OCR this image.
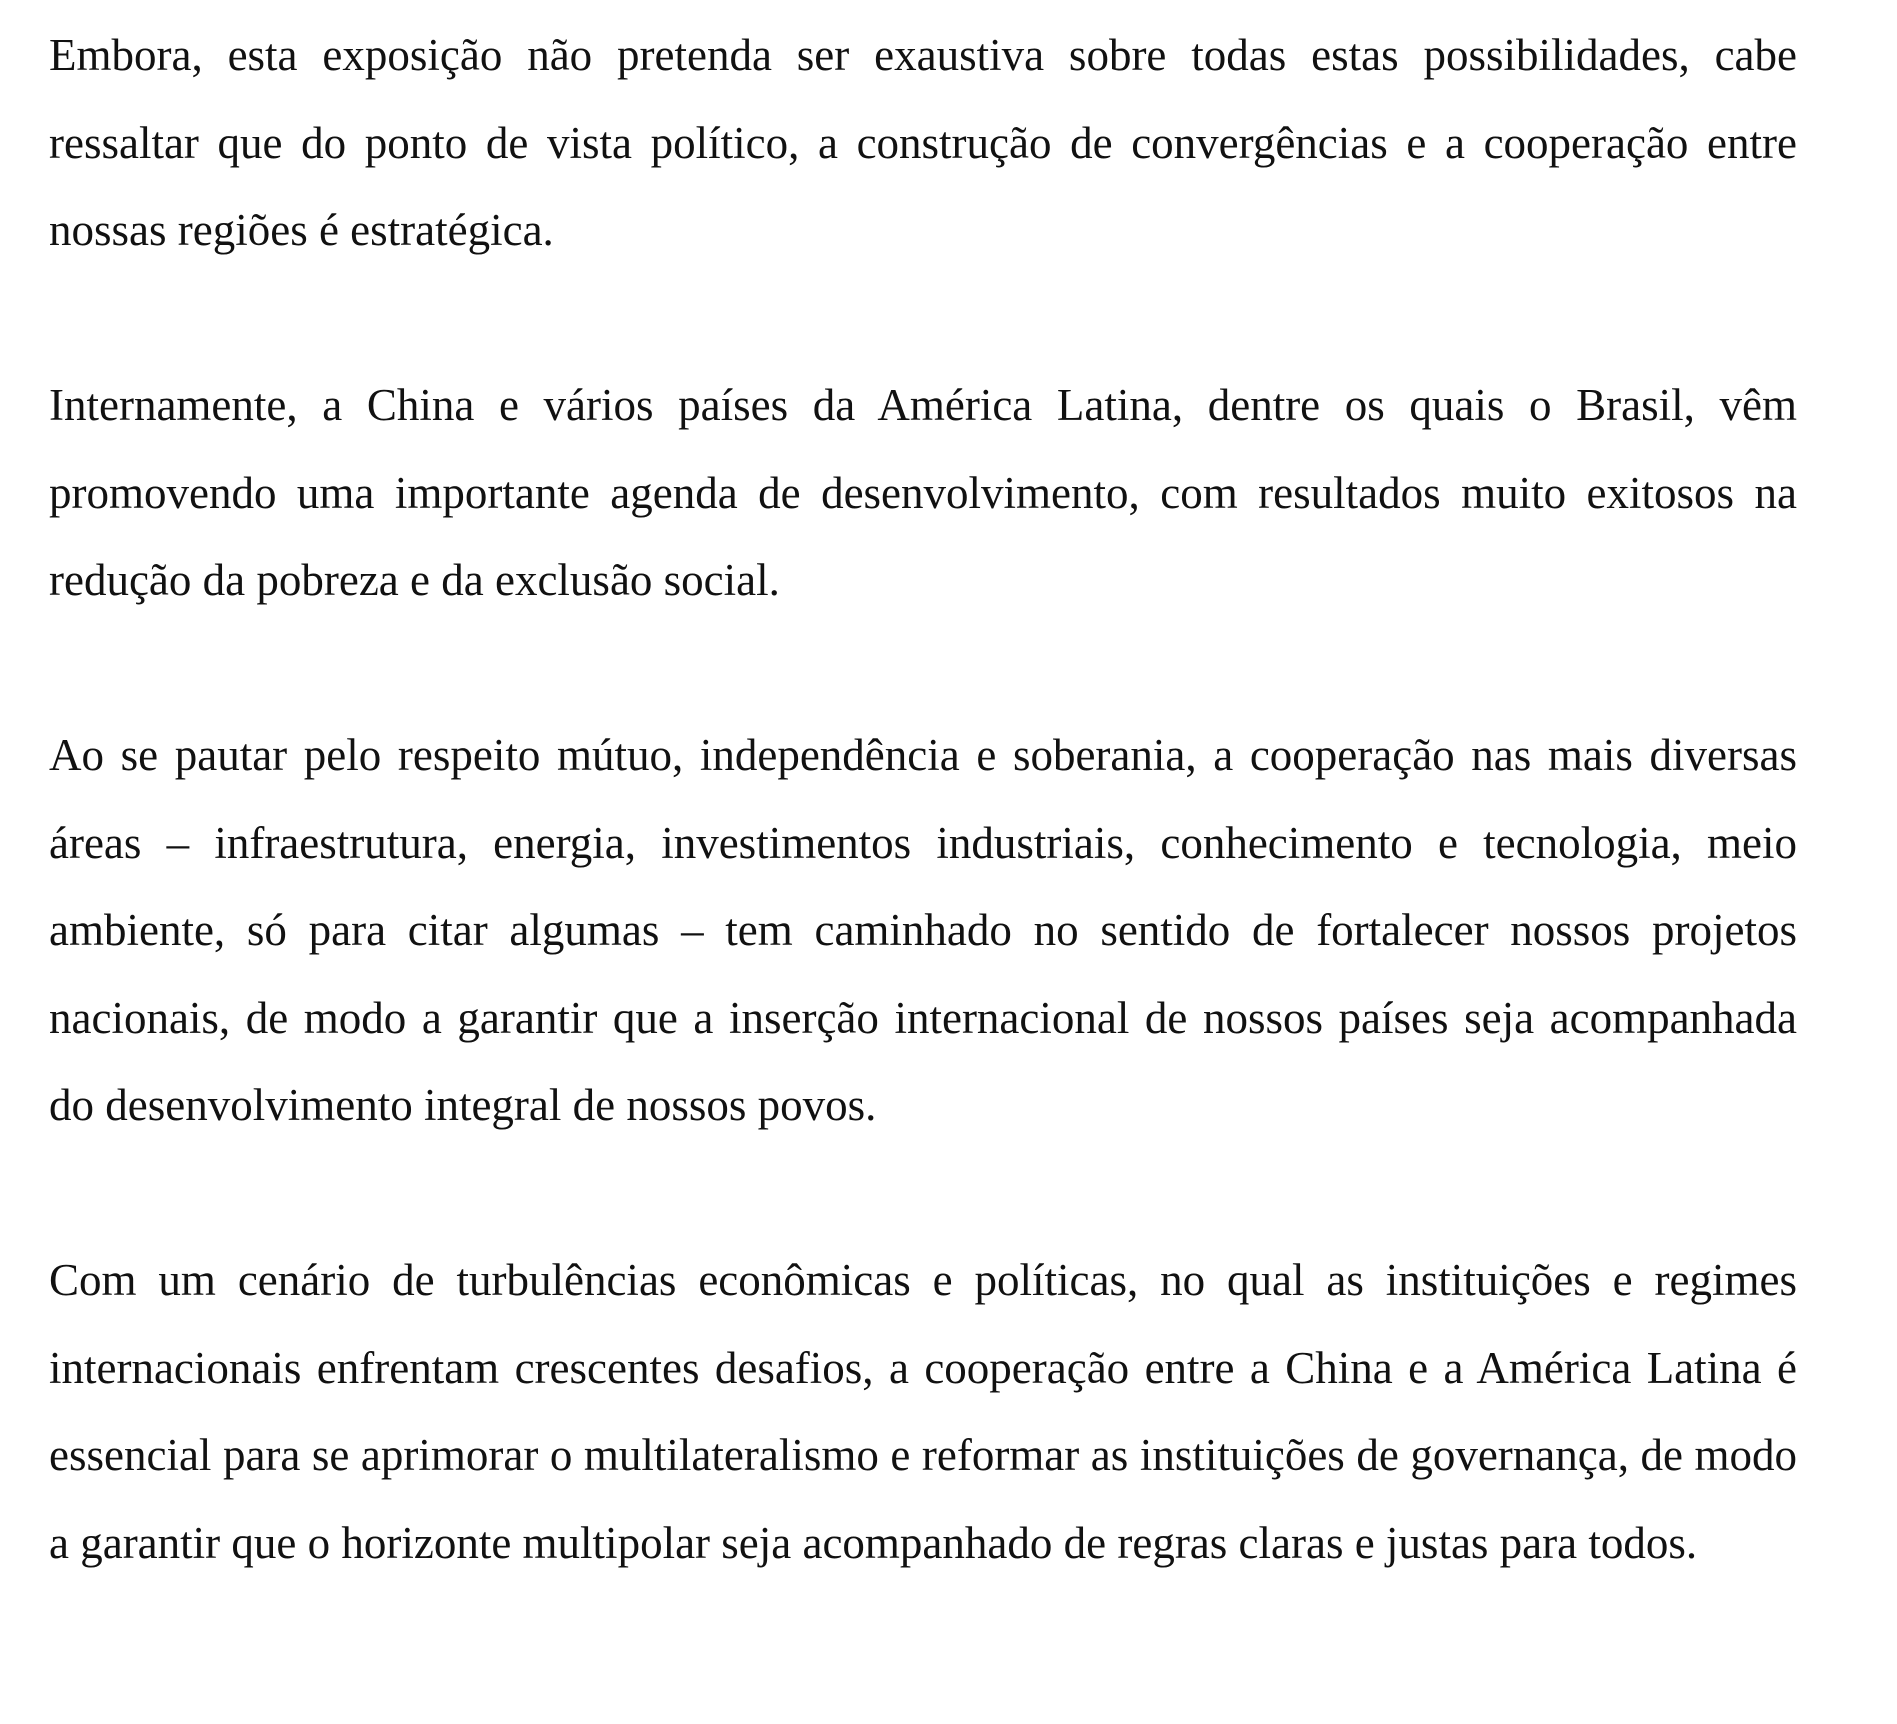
Embora, esta exposição não pretenda ser exaustiva sobre todas estas possibilidades, cabe ressaltar que do ponto de vista político, a construção de convergências e a cooperação entre nossas regiões é estratégica.

Internamente, a China e vários países da América Latina, dentre os quais o Brasil, vêm promovendo uma importante agenda de desenvolvimento, com resultados muito exitosos na redução da pobreza e da exclusão social.

Ao se pautar pelo respeito mútuo, independência e soberania, a cooperação nas mais diversas áreas – infraestrutura, energia, investimentos industriais, conhecimento e tecnologia, meio ambiente, só para citar algumas – tem caminhado no sentido de fortalecer nossos projetos nacionais, de modo a garantir que a inserção internacional de nossos países seja acompanhada do desenvolvimento integral de nossos povos.

Com um cenário de turbulências econômicas e políticas, no qual as instituições e regimes internacionais enfrentam crescentes desafios, a cooperação entre a China e a América Latina é essencial para se aprimorar o multilateralismo e reformar as instituições de governança, de modo a garantir que o horizonte multipolar seja acompanhado de regras claras e justas para todos.
